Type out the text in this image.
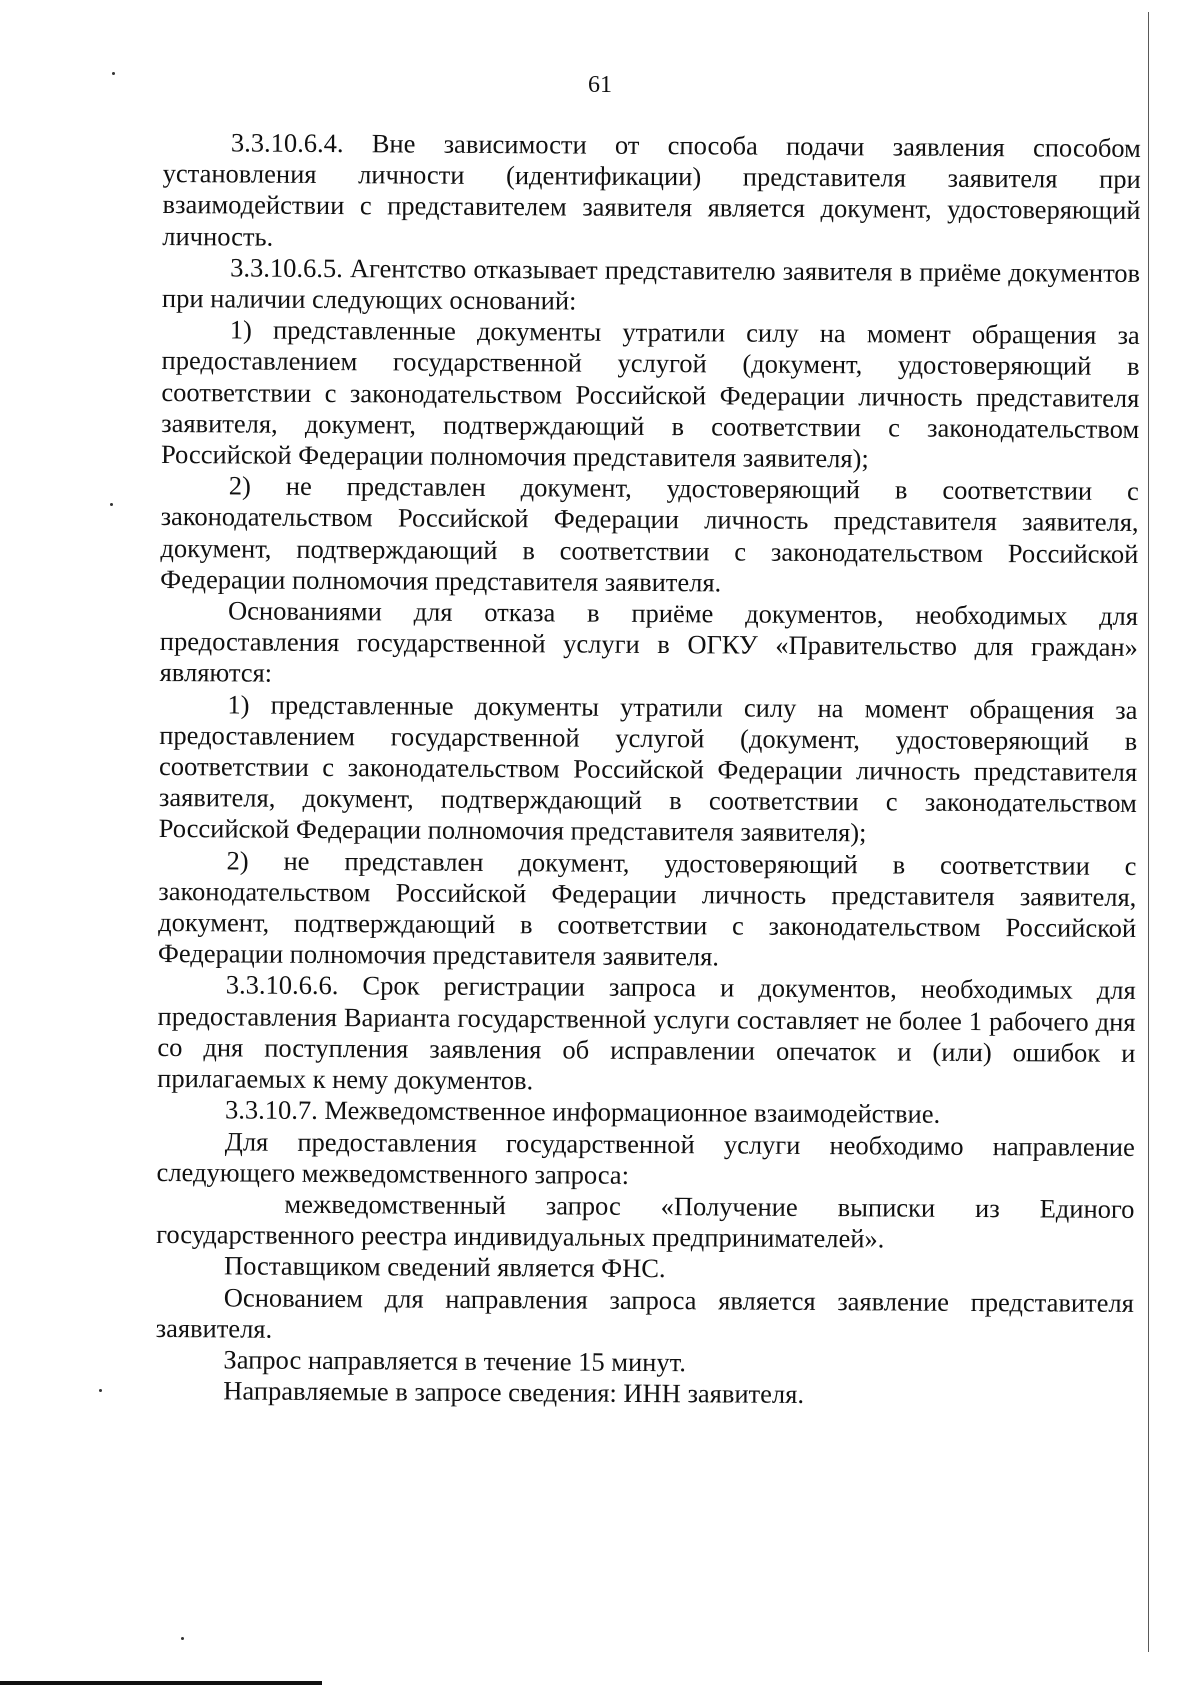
61

3.3.10.6.4. Вне зависимости от способа подачи заявления способом установления личности (идентификации) представителя заявителя при взаимодействии с представителем заявителя является документ, удостоверяющий личность.

3.3.10.6.5. Агентство отказывает представителю заявителя в приёме документов при наличии следующих оснований:

1) представленные документы утратили силу на момент обращения за предоставлением государственной услугой (документ, удостоверяющий в соответствии с законодательством Российской Федерации личность представителя заявителя, документ, подтверждающий в соответствии с законодательством Российской Федерации полномочия представителя заявителя);

2) не представлен документ, удостоверяющий в соответствии с законодательством Российской Федерации личность представителя заявителя, документ, подтверждающий в соответствии с законодательством Российской Федерации полномочия представителя заявителя.

Основаниями для отказа в приёме документов, необходимых для предоставления государственной услуги в ОГКУ «Правительство для граждан» являются:

1) представленные документы утратили силу на момент обращения за предоставлением государственной услугой (документ, удостоверяющий в соответствии с законодательством Российской Федерации личность представителя заявителя, документ, подтверждающий в соответствии с законодательством Российской Федерации полномочия представителя заявителя);

2) не представлен документ, удостоверяющий в соответствии с законодательством Российской Федерации личность представителя заявителя, документ, подтверждающий в соответствии с законодательством Российской Федерации полномочия представителя заявителя.

3.3.10.6.6. Срок регистрации запроса и документов, необходимых для предоставления Варианта государственной услуги составляет не более 1 рабочего дня со дня поступления заявления об исправлении опечаток и (или) ошибок и прилагаемых к нему документов.

3.3.10.7. Межведомственное информационное взаимодействие.

Для предоставления государственной услуги необходимо направление следующего межведомственного запроса:

межведомственный запрос «Получение выписки из Единого государственного реестра индивидуальных предпринимателей».

Поставщиком сведений является ФНС.

Основанием для направления запроса является заявление представителя заявителя.

Запрос направляется в течение 15 минут.

Направляемые в запросе сведения: ИНН заявителя.
